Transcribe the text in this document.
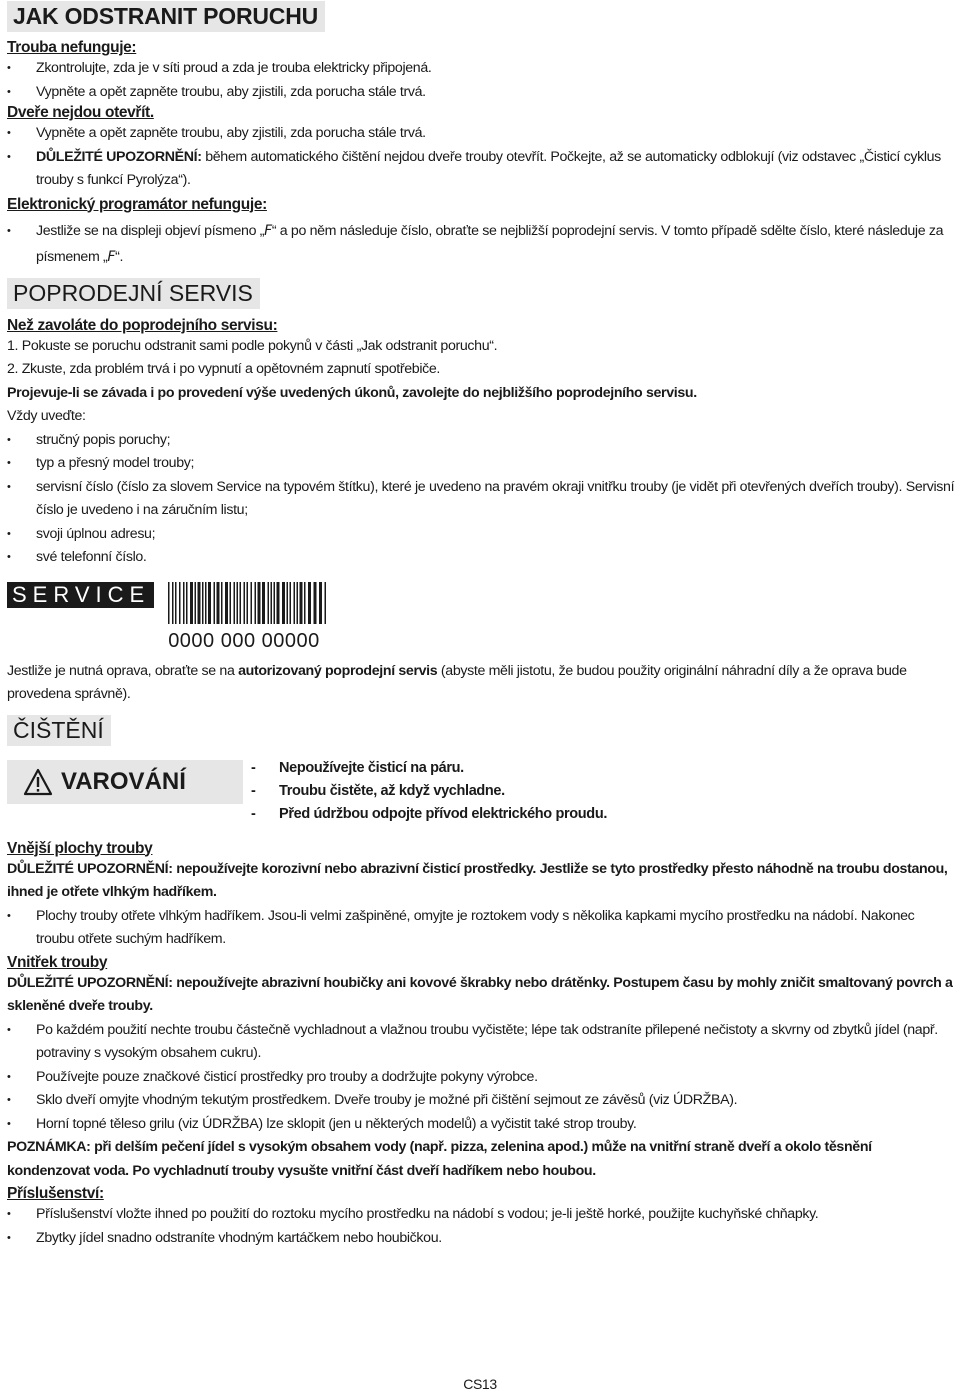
JAK ODSTRANIT PORUCHU
Trouba nefunguje:
• Zkontrolujte, zda je v síti proud a zda je trouba elektricky připojená.
• Vypněte a opět zapněte troubu, aby zjistili, zda porucha stále trvá.
Dveře nejdou otevřít.
• Vypněte a opět zapněte troubu, aby zjistili, zda porucha stále trvá.
• DŮLEŽITÉ UPOZORNĚNÍ: během automatického čištění nejdou dveře trouby otevřít. Počkejte, až se automaticky odblokují (viz odstavec „Čisticí cyklus trouby s funkcí Pyrolýza“).
Elektronický programátor nefunguje:
• Jestliže se na displeji objeví písmeno „F“ a po něm následuje číslo, obraťte se nejbližší poprodejní servis. V tomto případě sdělte číslo, které následuje za písmenem „F“.
POPRODEJNÍ SERVIS
Než zavoláte do poprodejního servisu:
1. Pokuste se poruchu odstranit sami podle pokynů v části „Jak odstranit poruchu“.
2. Zkuste, zda problém trvá i po vypnutí a opětovném zapnutí spotřebiče.
Projevuje-li se závada i po provedení výše uvedených úkonů, zavolejte do nejbližšího poprodejního servisu.
Vždy uveďte:
• stručný popis poruchy;
• typ a přesný model trouby;
• servisní číslo (číslo za slovem Service na typovém štítku), které je uvedeno na pravém okraji vnitřku trouby (je vidět při otevřených dveřích trouby). Servisní číslo je uvedeno i na záručním listu;
• svoji úplnou adresu;
• své telefonní číslo.
SERVICE
0000 000 00000
Jestliže je nutná oprava, obraťte se na autorizovaný poprodejní servis (abyste měli jistotu, že budou použity originální náhradní díly a že oprava bude provedena správně).
ČIŠTĚNÍ
VAROVÁNÍ	- Nepoužívejte čisticí na páru.
- Troubu čistěte, až když vychladne.
- Před údržbou odpojte přívod elektrického proudu.
Vnější plochy trouby
DŮLEŽITÉ UPOZORNĚNÍ: nepoužívejte korozivní nebo abrazivní čisticí prostředky. Jestliže se tyto prostředky přesto náhodně na troubu dostanou, ihned je otřete vlhkým hadříkem.
• Plochy trouby otřete vlhkým hadříkem. Jsou-li velmi zašpiněné, omyjte je roztokem vody s několika kapkami mycího prostředku na nádobí. Nakonec troubu otřete suchým hadříkem.
Vnitřek trouby
DŮLEŽITÉ UPOZORNĚNÍ: nepoužívejte abrazivní houbičky ani kovové škrabky nebo drátěnky. Postupem času by mohly zničit smaltovaný povrch a skleněné dveře trouby.
• Po každém použití nechte troubu částečně vychladnout a vlažnou troubu vyčistěte; lépe tak odstraníte přilepené nečistoty a skvrny od zbytků jídel (např. potraviny s vysokým obsahem cukru).
• Používejte pouze značkové čisticí prostředky pro trouby a dodržujte pokyny výrobce.
• Sklo dveří omyjte vhodným tekutým prostředkem. Dveře trouby je možné při čištění sejmout ze závěsů (viz ÚDRŽBA).
• Horní topné těleso grilu (viz ÚDRŽBA) lze sklopit (jen u některých modelů) a vyčistit také strop trouby.
POZNÁMKA: při delším pečení jídel s vysokým obsahem vody (např. pizza, zelenina apod.) může na vnitřní straně dveří a okolo těsnění kondenzovat voda. Po vychladnutí trouby vysušte vnitřní část dveří hadříkem nebo houbou.
Příslušenství:
• Příslušenství vložte ihned po použití do roztoku mycího prostředku na nádobí s vodou; je-li ještě horké, použijte kuchyňské chňapky.
• Zbytky jídel snadno odstraníte vhodným kartáčkem nebo houbičkou.
CS13
